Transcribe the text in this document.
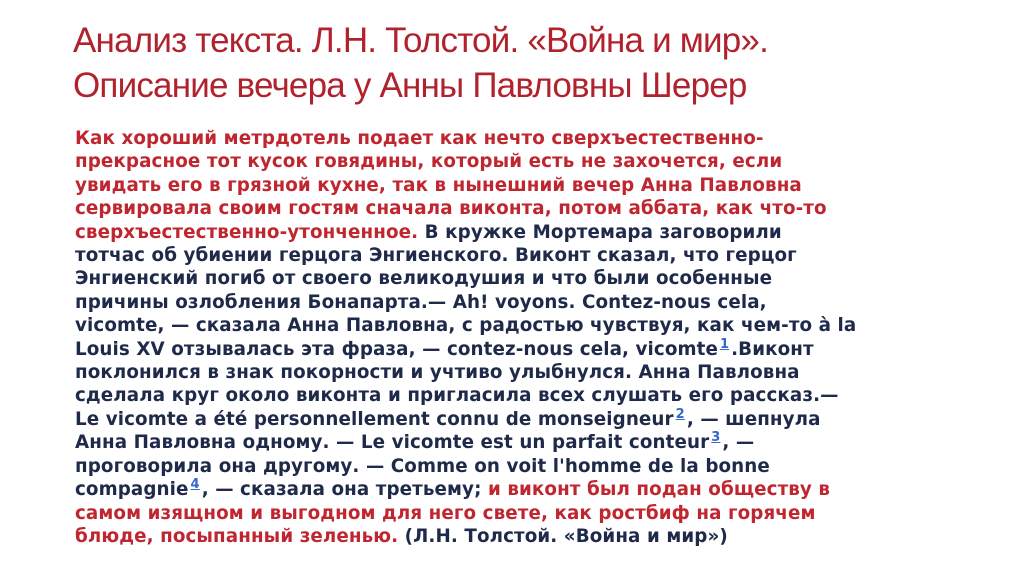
Анализ текста. Л.Н. Толстой. «Война и мир».
Описание вечера у Анны Павловны Шерер

Как хороший метрдотель подает как нечто сверхъестественно-
прекрасное тот кусок говядины, который есть не захочется, если
увидать его в грязной кухне, так в нынешний вечер Анна Павловна
сервировала своим гостям сначала виконта, потом аббата, как что-то
сверхъестественно-утонченное. В кружке Мортемара заговорили
тотчас об убиении герцога Энгиенского. Виконт сказал, что герцог
Энгиенский погиб от своего великодушия и что были особенные
причины озлобления Бонапарта.— Ah! voyons. Contez-nous cela,
vicomte, — сказала Анна Павловна, с радостью чувствуя, как чем-то à la
Louis XV отзывалась эта фраза, — contez-nous cela, vicomte $^1$ .Виконт
поклонился в знак покорности и учтиво улыбнулся. Анна Павловна
сделала круг около виконта и пригласила всех слушать его рассказ.—
Le vicomte a été personnellement connu de monseigneur $^2$ , — шепнула
Анна Павловна одному. — Le vicomte est un parfait conteur $^3$ , —
проговорила она другому. — Comme on voit l'homme de la bonne
compagnie $^4$ , — сказала она третьему; и виконт был подан обществу в
самом изящном и выгодном для него свете, как ростбиф на горячем
блюде, посыпанный зеленью. (Л.Н. Толстой. «Война и мир»)
